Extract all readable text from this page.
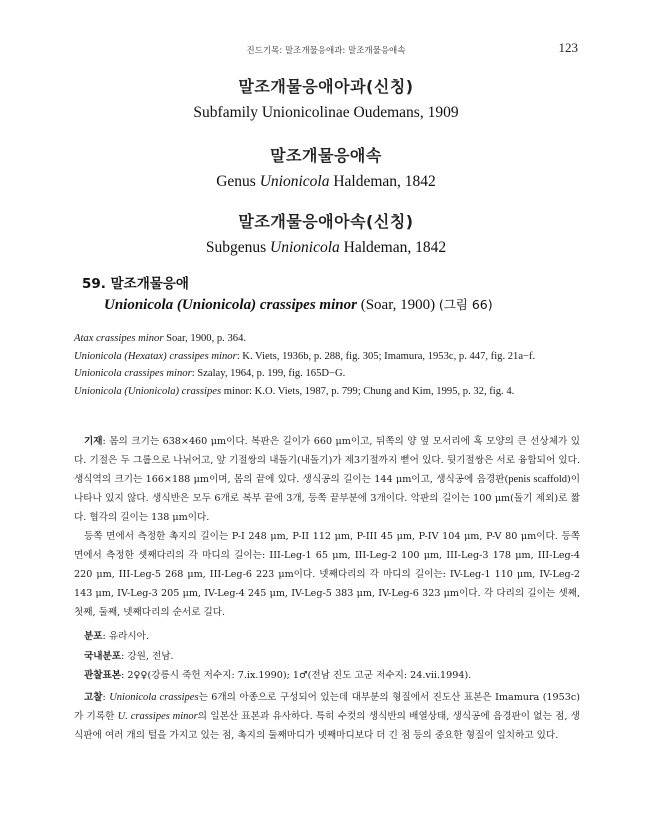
진드기목: 말조개물응애과: 말조개물응애속	123
말조개물응애아과(신칭)
Subfamily Unionicolinae Oudemans, 1909
말조개물응애속
Genus Unionicola Haldeman, 1842
말조개물응애아속(신칭)
Subgenus Unionicola Haldeman, 1842
59. 말조개물응애
Unionicola (Unionicola) crassipes minor (Soar, 1900) (그림 66)

Atax crassipes minor Soar, 1900, p. 364.

Unionicola (Hexatax) crassipes minor: K. Viets, 1936b, p. 288, fig. 305; Imamura, 1953c, p. 447, fig. 21a−f.

Unionicola crassipes minor: Szalay, 1964, p. 199, fig. 165D−G.

Unionicola (Unionicola) crassipes minor: K.O. Viets, 1987, p. 799; Chung and Kim, 1995, p. 32, fig. 4.

기재: 몸의 크기는 638×460 μm이다. 복판은 길이가 660 μm이고, 뒤쪽의 양 옆 모서리에 혹 모양의 큰 선상체가 있다. 기절은 두 그룹으로 나뉘어고, 앞 기절쌍의 내돌기(내돌기)가 제3기절까지 뻗어 있다. 뒷기절쌍은 서로 융합되어 있다. 생식역의 크기는 166×188 μm이며, 몸의 끝에 있다. 생식공의 길이는 144 μm이고, 생식공에 음경판(penis scaffold)이 나타나 있지 않다. 생식반은 모두 6개로 복부 끝에 3개, 등쪽 끝부분에 3개이다. 악판의 길이는 100 μm(돌기 제외)로 짧다. 협각의 길이는 138 μm이다.

등쪽 면에서 측정한 촉지의 길이는 P-I 248 μm, P-II 112 μm, P-III 45 μm, P-IV 104 μm, P-V 80 μm이다. 등쪽 면에서 측정한 셋째다리의 각 마디의 길이는: III-Leg-1 65 μm, III-Leg-2 100 μm, III-Leg-3 178 μm, III-Leg-4 220 μm, III-Leg-5 268 μm, III-Leg-6 223 μm이다. 넷째다리의 각 마디의 길이는: IV-Leg-1 110 μm, IV-Leg-2 143 μm, IV-Leg-3 205 μm, IV-Leg-4 245 μm, IV-Leg-5 383 μm, IV-Leg-6 323 μm이다. 각 다리의 길이는 셋째, 첫째, 둘째, 넷째다리의 순서로 길다.

분포: 유라시아.

국내분포: 강원, 전남.

관찰표본: 2♀♀(강릉시 죽헌 저수지: 7.ix.1990); 1♂(전남 진도 고군 저수지: 24.vii.1994).

고찰: Unionicola crassipes는 6개의 아종으로 구성되어 있는데 대부분의 형질에서 진도산 표본은 Imamura (1953c)가 기록한 U. crassipes minor의 일본산 표본과 유사하다. 특히 수컷의 생식반의 배열상태, 생식공에 음경판이 없는 점, 생식판에 여러 개의 털을 가지고 있는 점, 촉지의 둘째마디가 넷째마디보다 더 긴 점 등의 중요한 형질이 일치하고 있다.
